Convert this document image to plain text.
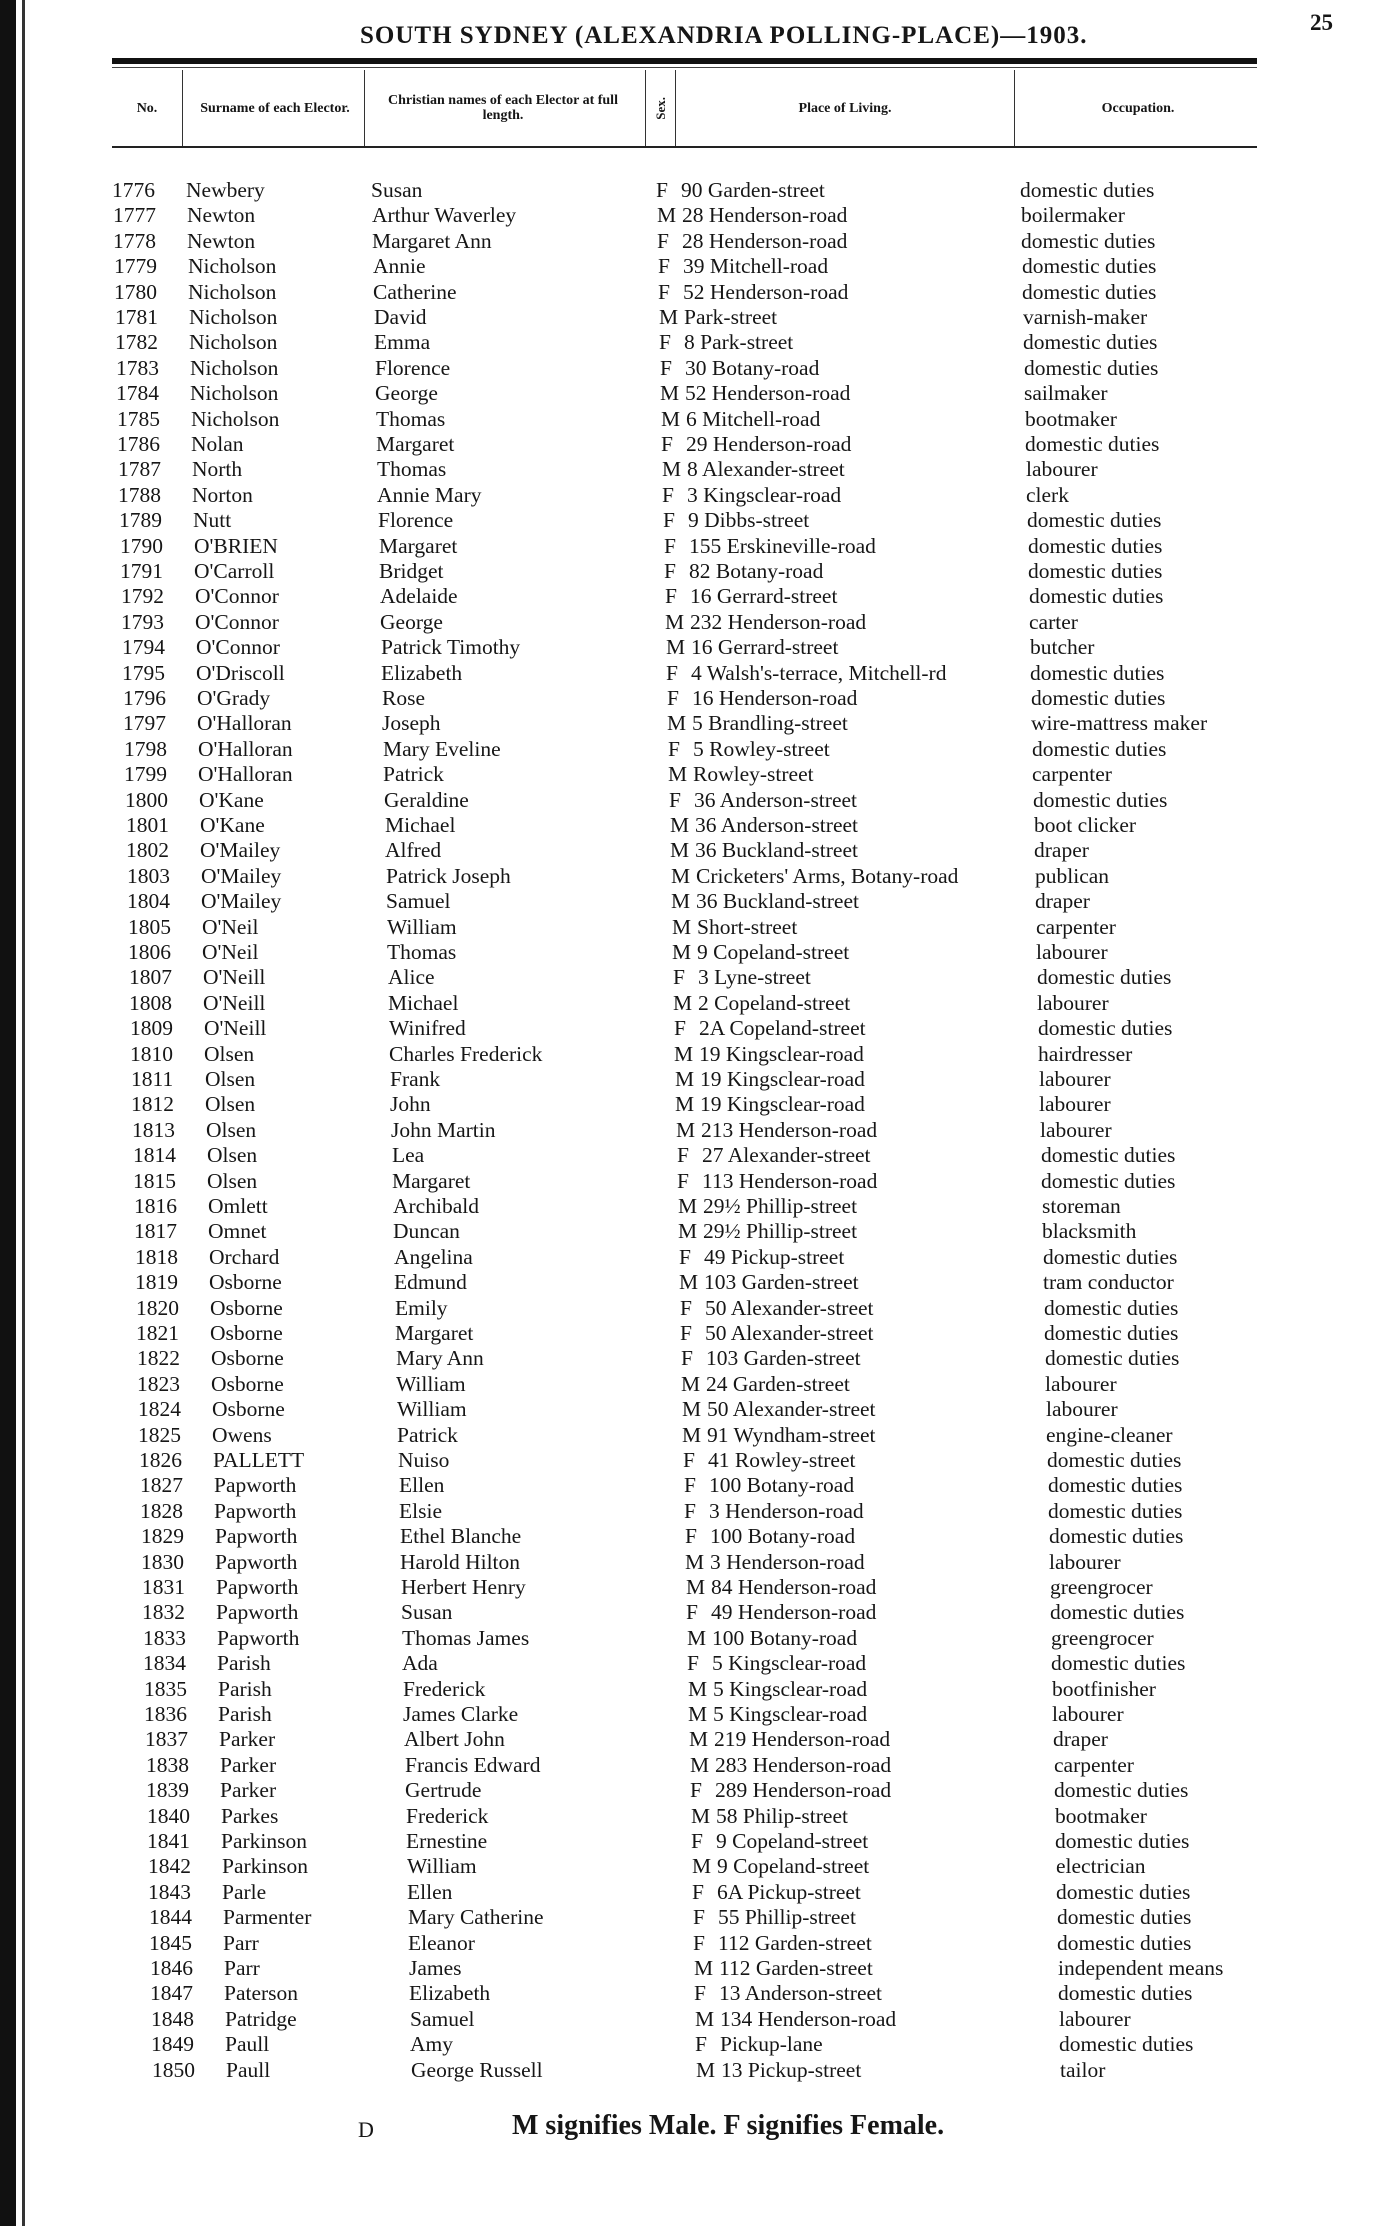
SOUTH SYDNEY (ALEXANDRIA POLLING-PLACE)—1903.	25
No.	Surname of each Elector.	Christian names of each Elector at full length.	Sex.	Place of Living.	Occupation.
1776 Newbery	Susan	F 90 Garden-street	domestic duties
1777 Newton	Arthur Waverley	M 28 Henderson-road	boilermaker
1778 Newton	Margaret Ann	F 28 Henderson-road	domestic duties
1779 Nicholson	Annie	F 39 Mitchell-road	domestic duties
1780 Nicholson	Catherine	F 52 Henderson-road	domestic duties
1781 Nicholson	David	M Park-street	varnish-maker
1782 Nicholson	Emma	F 8 Park-street	domestic duties
1783 Nicholson	Florence	F 30 Botany-road	domestic duties
1784 Nicholson	George	M 52 Henderson-road	sailmaker
1785 Nicholson	Thomas	M 6 Mitchell-road	bootmaker
1786 Nolan	Margaret	F 29 Henderson-road	domestic duties
1787 North	Thomas	M 8 Alexander-street	labourer
1788 Norton	Annie Mary	F 3 Kingsclear-road	clerk
1789 Nutt	Florence	F 9 Dibbs-street	domestic duties
1790 O'BRIEN	Margaret	F 155 Erskineville-road	domestic duties
1791 O'Carroll	Bridget	F 82 Botany-road	domestic duties
1792 O'Connor	Adelaide	F 16 Gerrard-street	domestic duties
1793 O'Connor	George	M 232 Henderson-road	carter
1794 O'Connor	Patrick Timothy	M 16 Gerrard-street	butcher
1795 O'Driscoll	Elizabeth	F 4 Walsh's-terrace, Mitchell-rd	domestic duties
1796 O'Grady	Rose	F 16 Henderson-road	domestic duties
1797 O'Halloran	Joseph	M 5 Brandling-street	wire-mattress maker
1798 O'Halloran	Mary Eveline	F 5 Rowley-street	domestic duties
1799 O'Halloran	Patrick	M Rowley-street	carpenter
1800 O'Kane	Geraldine	F 36 Anderson-street	domestic duties
1801 O'Kane	Michael	M 36 Anderson-street	boot clicker
1802 O'Mailey	Alfred	M 36 Buckland-street	draper
1803 O'Mailey	Patrick Joseph	M Cricketers' Arms, Botany-road	publican
1804 O'Mailey	Samuel	M 36 Buckland-street	draper
1805 O'Neil	William	M Short-street	carpenter
1806 O'Neil	Thomas	M 9 Copeland-street	labourer
1807 O'Neill	Alice	F 3 Lyne-street	domestic duties
1808 O'Neill	Michael	M 2 Copeland-street	labourer
1809 O'Neill	Winifred	F 2A Copeland-street	domestic duties
1810 Olsen	Charles Frederick	M 19 Kingsclear-road	hairdresser
1811 Olsen	Frank	M 19 Kingsclear-road	labourer
1812 Olsen	John	M 19 Kingsclear-road	labourer
1813 Olsen	John Martin	M 213 Henderson-road	labourer
1814 Olsen	Lea	F 27 Alexander-street	domestic duties
1815 Olsen	Margaret	F 113 Henderson-road	domestic duties
1816 Omlett	Archibald	M 29½ Phillip-street	storeman
1817 Omnet	Duncan	M 29½ Phillip-street	blacksmith
1818 Orchard	Angelina	F 49 Pickup-street	domestic duties
1819 Osborne	Edmund	M 103 Garden-street	tram conductor
1820 Osborne	Emily	F 50 Alexander-street	domestic duties
1821 Osborne	Margaret	F 50 Alexander-street	domestic duties
1822 Osborne	Mary Ann	F 103 Garden-street	domestic duties
1823 Osborne	William	M 24 Garden-street	labourer
1824 Osborne	William	M 50 Alexander-street	labourer
1825 Owens	Patrick	M 91 Wyndham-street	engine-cleaner
1826 PALLETT	Nuiso	F 41 Rowley-street	domestic duties
1827 Papworth	Ellen	F 100 Botany-road	domestic duties
1828 Papworth	Elsie	F 3 Henderson-road	domestic duties
1829 Papworth	Ethel Blanche	F 100 Botany-road	domestic duties
1830 Papworth	Harold Hilton	M 3 Henderson-road	labourer
1831 Papworth	Herbert Henry	M 84 Henderson-road	greengrocer
1832 Papworth	Susan	F 49 Henderson-road	domestic duties
1833 Papworth	Thomas James	M 100 Botany-road	greengrocer
1834 Parish	Ada	F 5 Kingsclear-road	domestic duties
1835 Parish	Frederick	M 5 Kingsclear-road	bootfinisher
1836 Parish	James Clarke	M 5 Kingsclear-road	labourer
1837 Parker	Albert John	M 219 Henderson-road	draper
1838 Parker	Francis Edward	M 283 Henderson-road	carpenter
1839 Parker	Gertrude	F 289 Henderson-road	domestic duties
1840 Parkes	Frederick	M 58 Philip-street	bootmaker
1841 Parkinson	Ernestine	F 9 Copeland-street	domestic duties
1842 Parkinson	William	M 9 Copeland-street	electrician
1843 Parle	Ellen	F 6A Pickup-street	domestic duties
1844 Parmenter	Mary Catherine	F 55 Phillip-street	domestic duties
1845 Parr	Eleanor	F 112 Garden-street	domestic duties
1846 Parr	James	M 112 Garden-street	independent means
1847 Paterson	Elizabeth	F 13 Anderson-street	domestic duties
1848 Patridge	Samuel	M 134 Henderson-road	labourer
1849 Paull	Amy	F Pickup-lane	domestic duties
1850 Paull	George Russell	M 13 Pickup-street	tailor
D	M signifies Male. F signifies Female.
